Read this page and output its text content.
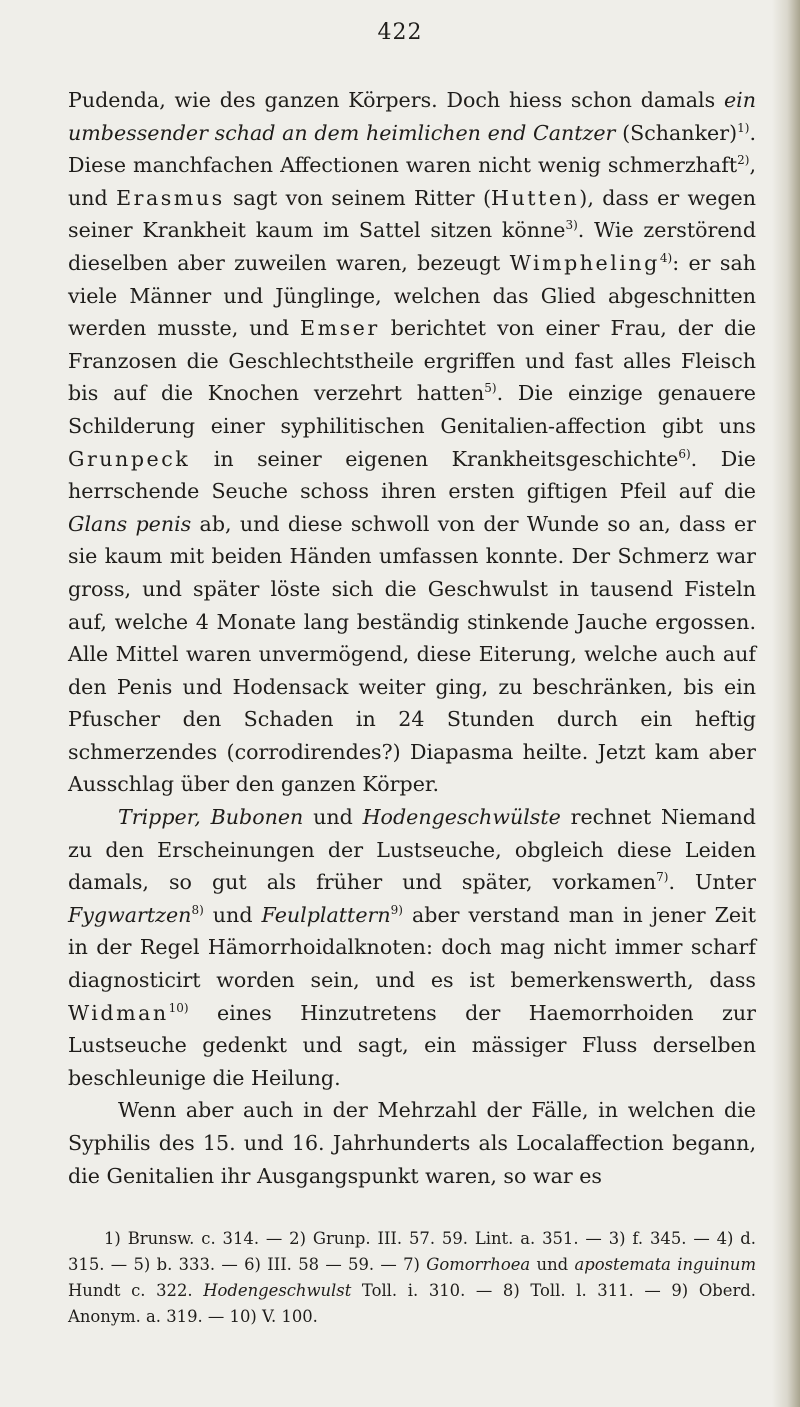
422

Pudenda, wie des ganzen Körpers. Doch hiess schon damals ein umbessender schad an dem heimlichen end Cantzer (Schanker)$^{1)}$. Diese manchfachen Affectionen waren nicht wenig schmerzhaft$^{2)}$, und Erasmus sagt von seinem Ritter (Hutten), dass er wegen seiner Krankheit kaum im Sattel sitzen könne$^{3)}$. Wie zerstörend dieselben aber zuweilen waren, bezeugt Wimpheling$^{4)}$: er sah viele Männer und Jünglinge, welchen das Glied abgeschnitten werden musste, und Emser berichtet von einer Frau, der die Franzosen die Geschlechtstheile ergriffen und fast alles Fleisch bis auf die Knochen verzehrt hatten$^{5)}$. Die einzige genauere Schilderung einer syphilitischen Genitalien-affection gibt uns Grunpeck in seiner eigenen Krankheitsgeschichte$^{6)}$. Die herrschende Seuche schoss ihren ersten giftigen Pfeil auf die Glans penis ab, und diese schwoll von der Wunde so an, dass er sie kaum mit beiden Händen umfassen konnte. Der Schmerz war gross, und später löste sich die Geschwulst in tausend Fisteln auf, welche 4 Monate lang beständig stinkende Jauche ergossen. Alle Mittel waren unvermögend, diese Eiterung, welche auch auf den Penis und Hodensack weiter ging, zu beschränken, bis ein Pfuscher den Schaden in 24 Stunden durch ein heftig schmerzendes (corrodirendes?) Diapasma heilte. Jetzt kam aber Ausschlag über den ganzen Körper.

Tripper, Bubonen und Hodengeschwülste rechnet Niemand zu den Erscheinungen der Lustseuche, obgleich diese Leiden damals, so gut als früher und später, vorkamen$^{7)}$. Unter Fygwartzen$^{8)}$ und Feulplattern$^{9)}$ aber verstand man in jener Zeit in der Regel Hämorrhoidalknoten: doch mag nicht immer scharf diagnosticirt worden sein, und es ist bemerkenswerth, dass Widman$^{10)}$ eines Hinzutretens der Haemorrhoiden zur Lustseuche gedenkt und sagt, ein mässiger Fluss derselben beschleunige die Heilung.

Wenn aber auch in der Mehrzahl der Fälle, in welchen die Syphilis des 15. und 16. Jahrhunderts als Localaffection begann, die Genitalien ihr Ausgangspunkt waren, so war es

1) Brunsw. c. 314. — 2) Grunp. III. 57. 59. Lint. a. 351. — 3) f. 345. — 4) d. 315. — 5) b. 333. — 6) III. 58 — 59. — 7) Gomorrhoea und apostemata inguinum Hundt c. 322. Hodengeschwulst Toll. i. 310. — 8) Toll. l. 311. — 9) Oberd. Anonym. a. 319. — 10) V. 100.
